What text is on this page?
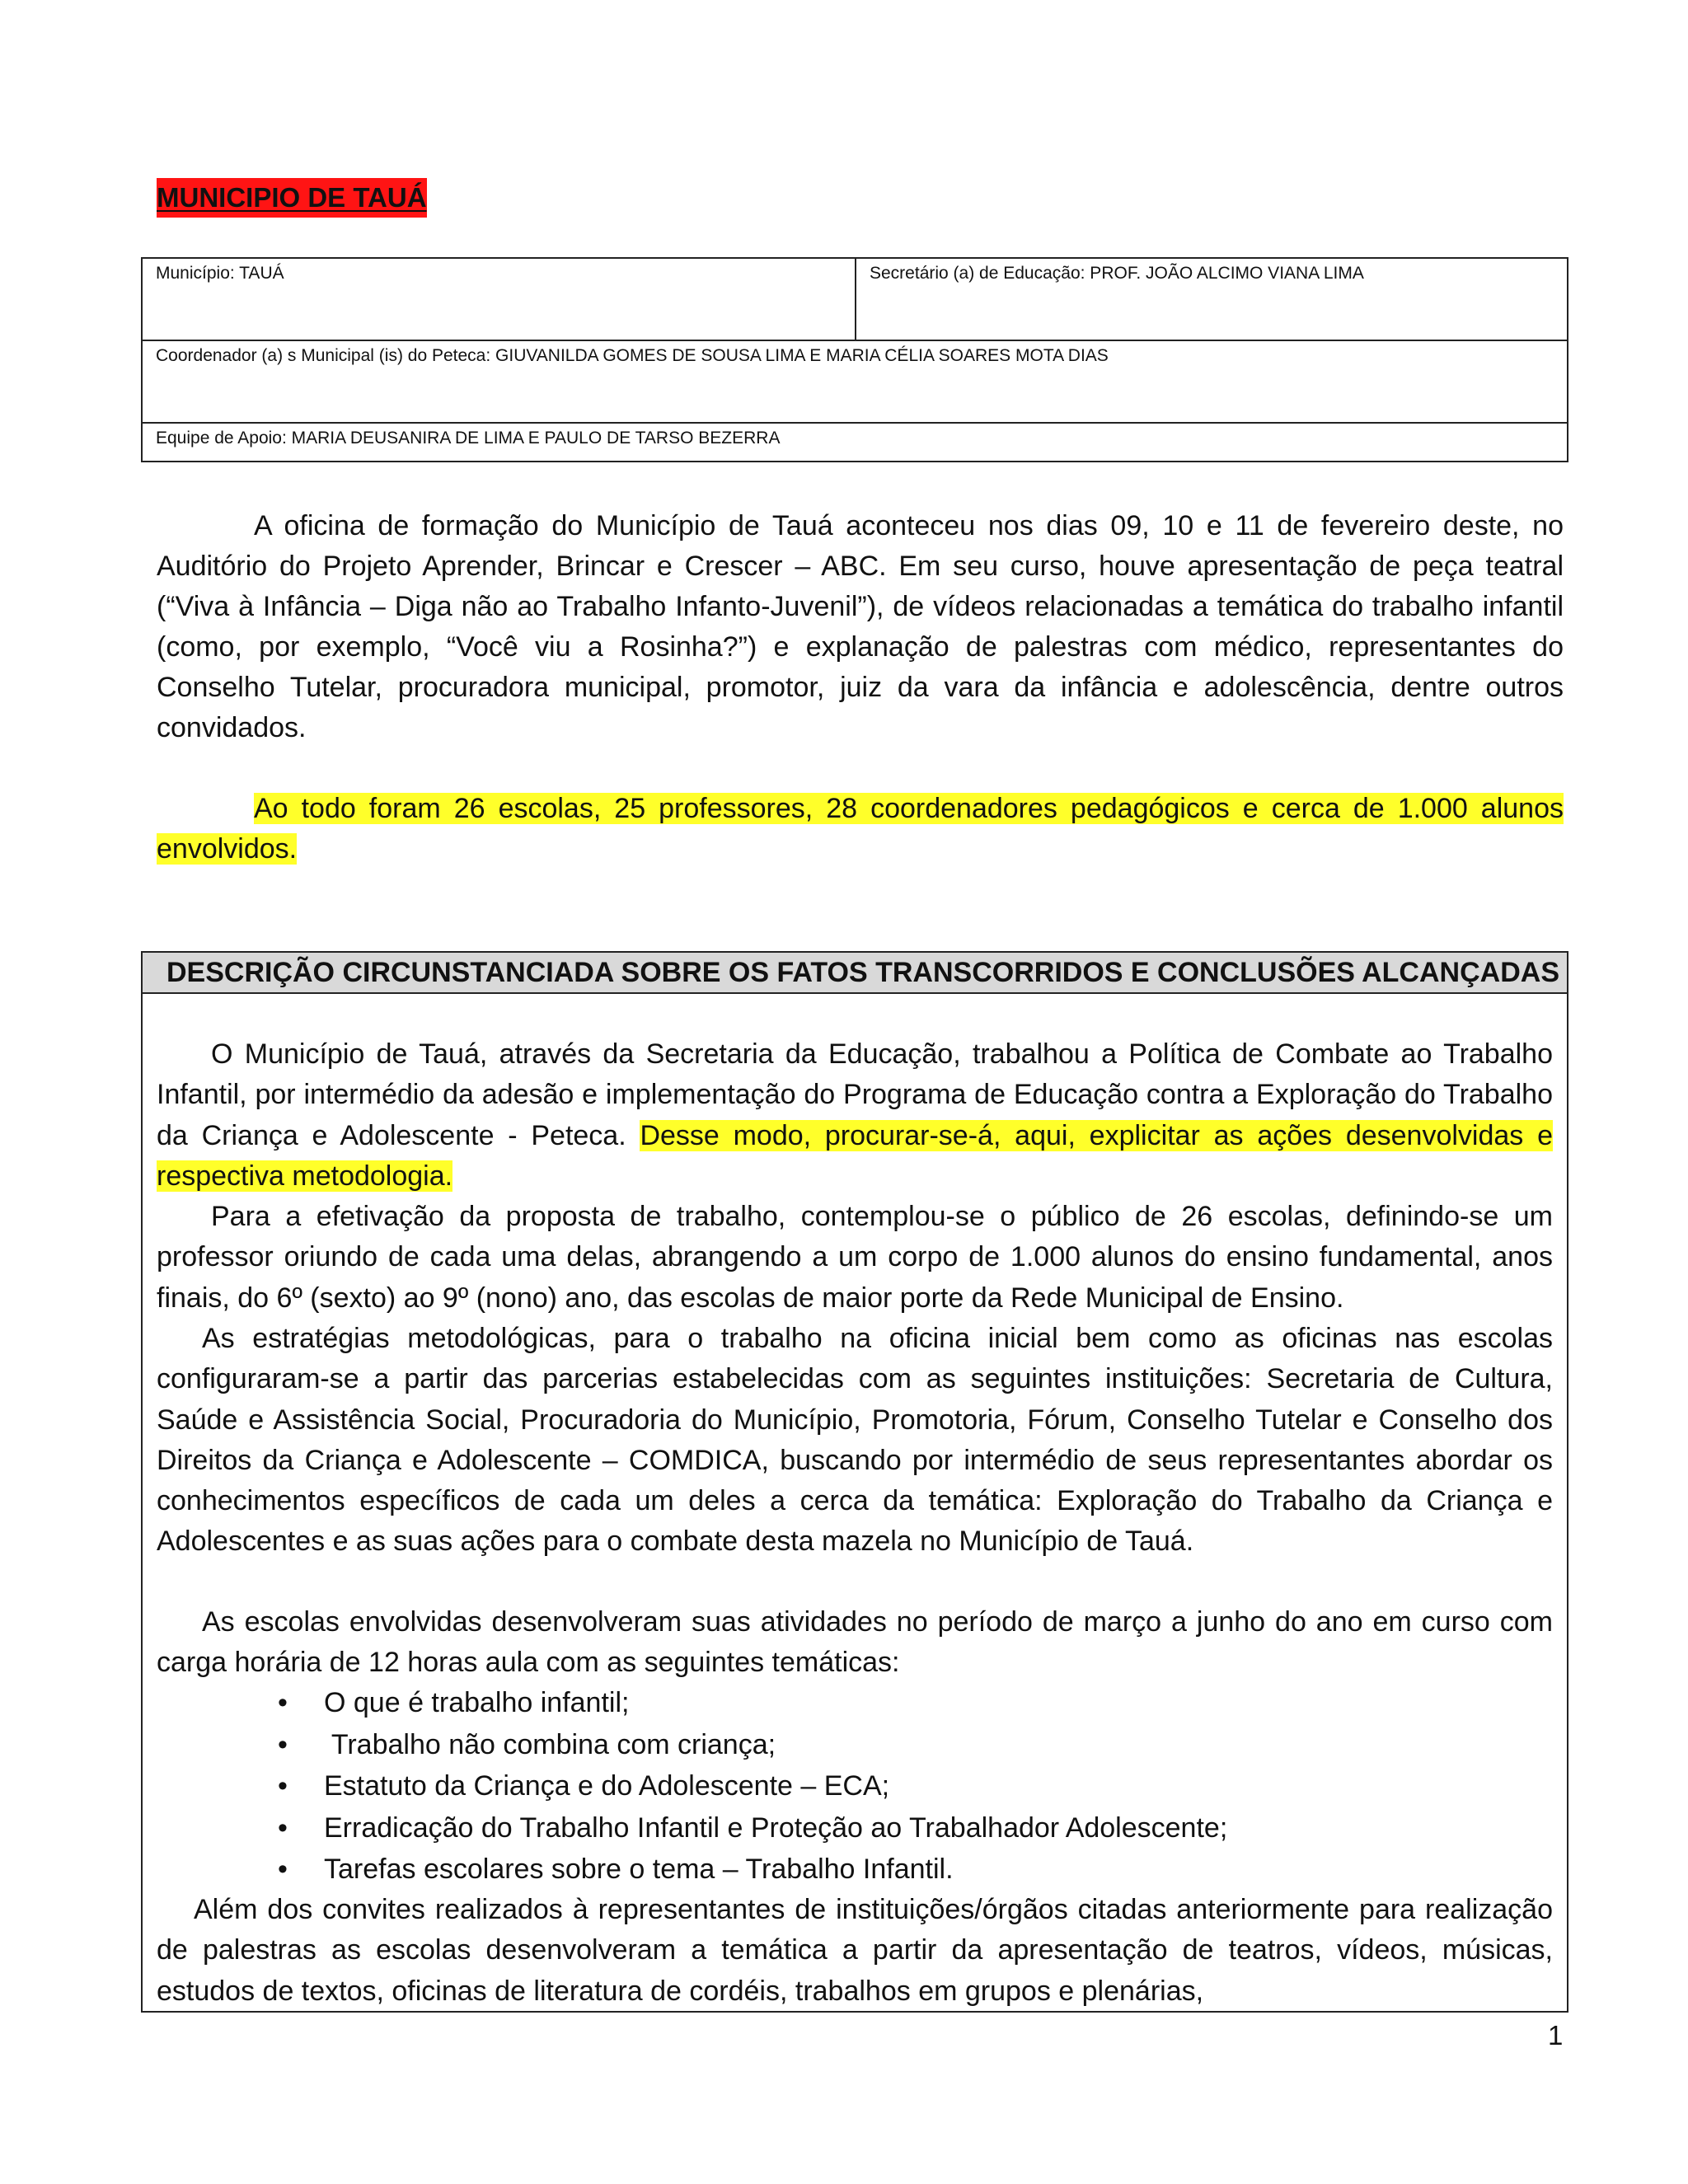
MUNICIPIO DE TAUÁ
Município: TAUÁ	Secretário (a) de Educação: PROF. JOÃO ALCIMO VIANA LIMA
Coordenador (a) s Municipal (is) do Peteca: GIUVANILDA GOMES DE SOUSA LIMA E MARIA CÉLIA SOARES MOTA DIAS
Equipe de Apoio: MARIA DEUSANIRA DE LIMA E PAULO DE TARSO BEZERRA
A oficina de formação do Município de Tauá aconteceu nos dias 09, 10 e 11 de fevereiro deste, no Auditório do Projeto Aprender, Brincar e Crescer – ABC. Em seu curso, houve apresentação de peça teatral (“Viva à Infância – Diga não ao Trabalho Infanto-Juvenil”), de vídeos relacionadas a temática do trabalho infantil (como, por exemplo, “Você viu a Rosinha?”) e explanação de palestras com médico, representantes do Conselho Tutelar, procuradora municipal, promotor, juiz da vara da infância e adolescência, dentre outros convidados.
Ao todo foram 26 escolas, 25 professores, 28 coordenadores pedagógicos e cerca de 1.000 alunos envolvidos.
DESCRIÇÃO CIRCUNSTANCIADA SOBRE OS FATOS TRANSCORRIDOS E CONCLUSÕES ALCANÇADAS
O Município de Tauá, através da Secretaria da Educação, trabalhou a Política de Combate ao Trabalho Infantil, por intermédio da adesão e implementação do Programa de Educação contra a Exploração do Trabalho da Criança e Adolescente - Peteca. Desse modo, procurar-se-á, aqui, explicitar as ações desenvolvidas e respectiva metodologia.
Para a efetivação da proposta de trabalho, contemplou-se o público de 26 escolas, definindo-se um professor oriundo de cada uma delas, abrangendo a um corpo de 1.000 alunos do ensino fundamental, anos finais, do 6º (sexto) ao 9º (nono) ano, das escolas de maior porte da Rede Municipal de Ensino.
As estratégias metodológicas, para o trabalho na oficina inicial bem como as oficinas nas escolas configuraram-se a partir das parcerias estabelecidas com as seguintes instituições: Secretaria de Cultura, Saúde e Assistência Social, Procuradoria do Município, Promotoria, Fórum, Conselho Tutelar e Conselho dos Direitos da Criança e Adolescente – COMDICA, buscando por intermédio de seus representantes abordar os conhecimentos específicos de cada um deles a cerca da temática: Exploração do Trabalho da Criança e Adolescentes e as suas ações para o combate desta mazela no Município de Tauá.
As escolas envolvidas desenvolveram suas atividades no período de março a junho do ano em curso com carga horária de 12 horas aula com as seguintes temáticas:
• O que é trabalho infantil;
• Trabalho não combina com criança;
• Estatuto da Criança e do Adolescente – ECA;
• Erradicação do Trabalho Infantil e Proteção ao Trabalhador Adolescente;
• Tarefas escolares sobre o tema – Trabalho Infantil.
Além dos convites realizados à representantes de instituições/órgãos citadas anteriormente para realização de palestras as escolas desenvolveram a temática a partir da apresentação de teatros, vídeos, músicas, estudos de textos, oficinas de literatura de cordéis, trabalhos em grupos e plenárias,
1
